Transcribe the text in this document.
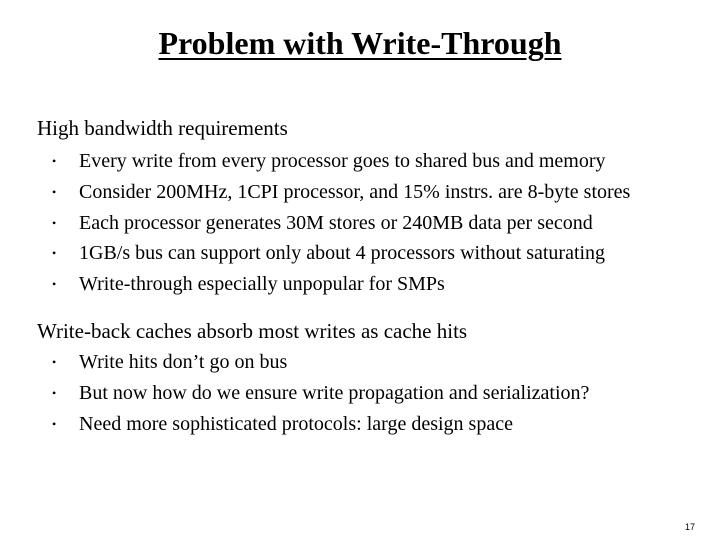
Problem with Write-Through

High bandwidth requirements

• Every write from every processor goes to shared bus and memory
• Consider 200MHz, 1CPI processor, and 15% instrs. are 8-byte stores
• Each processor generates 30M stores or 240MB data per second
• 1GB/s bus can support only about 4 processors without saturating
• Write-through especially unpopular for SMPs

Write-back caches absorb most writes as cache hits

• Write hits don’t go on bus
• But now how do we ensure write propagation and serialization?
• Need more sophisticated protocols: large design space
17
